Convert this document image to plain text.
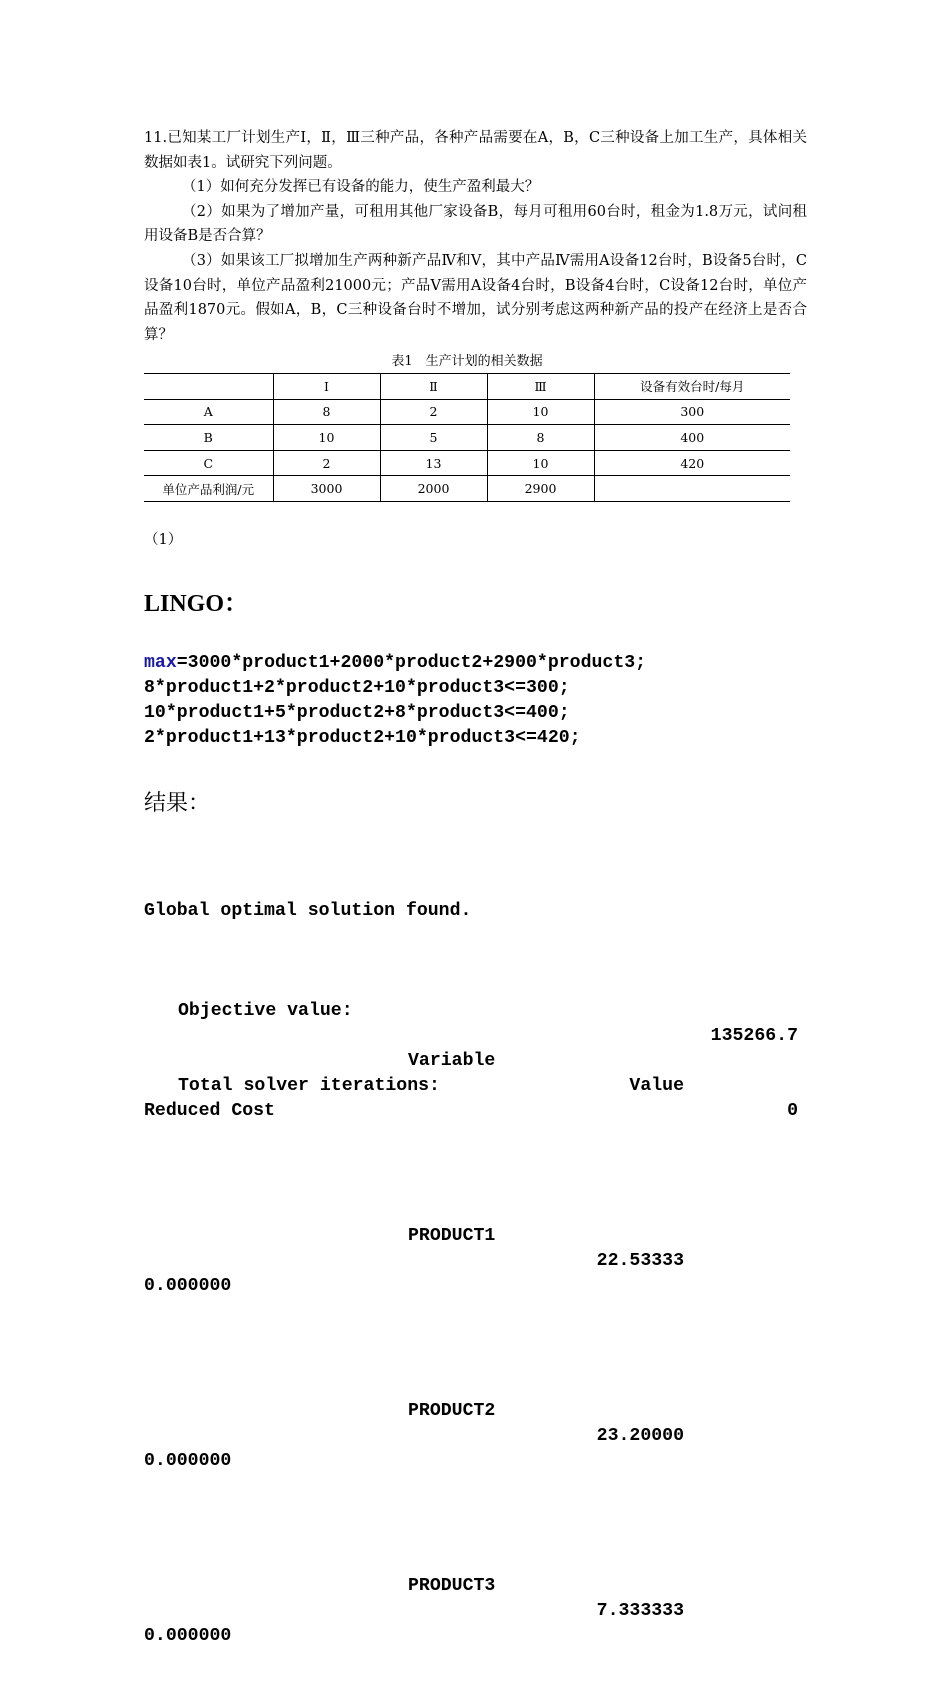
11.已知某工厂计划生产Ⅰ，Ⅱ，Ⅲ三种产品，各种产品需要在A，B，C三种设备上加工生产，具体相关数据如表1。试研究下列问题。

（1）如何充分发挥已有设备的能力，使生产盈利最大？

（2）如果为了增加产量，可租用其他厂家设备B，每月可租用60台时，租金为1.8万元，试问租用设备B是否合算？

（3）如果该工厂拟增加生产两种新产品Ⅳ和Ⅴ，其中产品Ⅳ需用A设备12台时，B设备5台时，C设备10台时，单位产品盈利21000元；产品Ⅴ需用A设备4台时，B设备4台时，C设备12台时，单位产品盈利1870元。假如A，B，C三种设备台时不增加，试分别考虑这两种新产品的投产在经济上是否合算？

表1　生产计划的相关数据
	Ⅰ	Ⅱ	Ⅲ	设备有效台时/每月
A	8	2	10	300
B	10	5	8	400
C	2	13	10	420
单位产品利润/元	3000	2000	2900	
（1）
LINGO：
max=3000*product1+2000*product2+2900*product3;
8*product1+2*product2+10*product3<=300;
10*product1+5*product2+8*product3<=400;
2*product1+13*product2+10*product3<=420;
结果：

Global optimal solution found.

Objective value:

135266.7

Total solver iterations:

0

Variable

Value

Reduced Cost

PRODUCT1

22.53333

0.000000

PRODUCT2

23.20000

0.000000

PRODUCT3

7.333333

0.000000
